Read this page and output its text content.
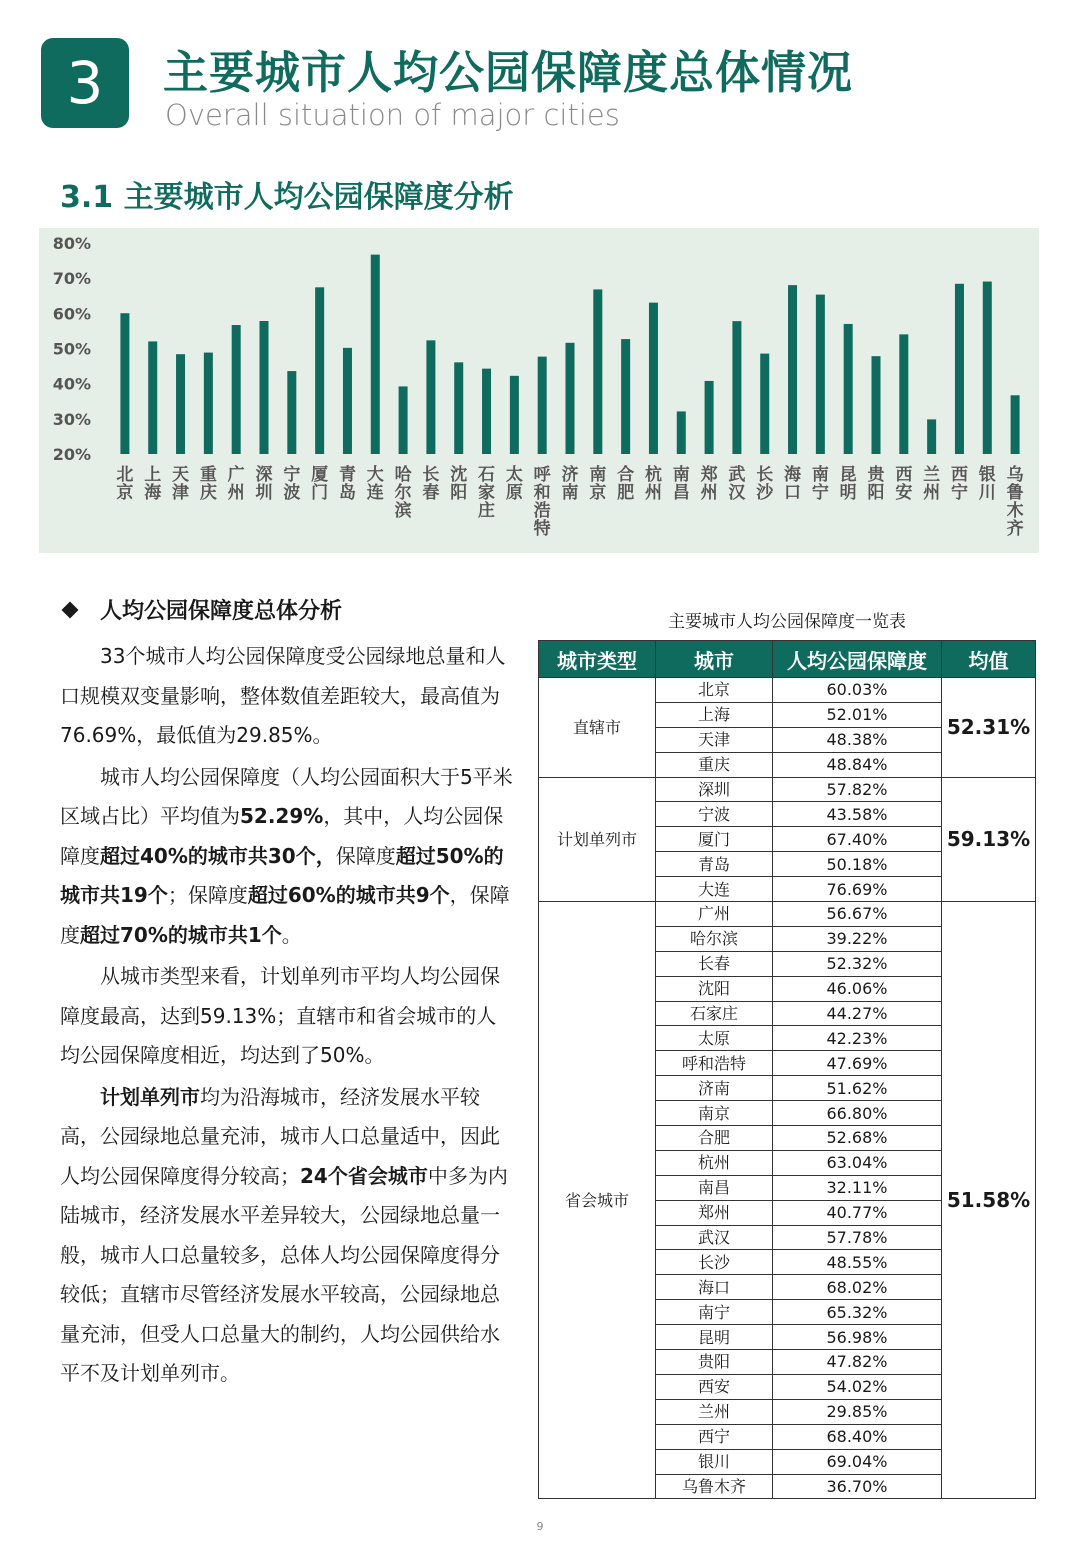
3 主要城市人均公园保障度总体情况
Overall situation of major cities
3.1 主要城市人均公园保障度分析
20%
30%
40%
50%
60%
70%
80%
北京
上海
天津
重庆
广州
深圳
宁波
厦门
青岛
大连
哈尔滨
长春
沈阳
石家庄
太原
呼和浩特
济南
南京
合肥
杭州
南昌
郑州
武汉
长沙
海口
南宁
昆明
贵阳
西安
兰州
西宁
银川
乌鲁木齐
人均公园保障度总体分析

33个城市人均公园保障度受公园绿地总量和人口规模双变量影响，整体数值差距较大，最高值为76.69%，最低值为29.85%。

城市人均公园保障度（人均公园面积大于5平米区域占比）平均值为52.29%，其中，人均公园保障度超过40%的城市共30个，保障度超过50%的城市共19个；保障度超过60%的城市共9个，保障度超过70%的城市共1个。

从城市类型来看，计划单列市平均人均公园保障度最高，达到59.13%；直辖市和省会城市的人均公园保障度相近，均达到了50%。

计划单列市均为沿海城市，经济发展水平较高，公园绿地总量充沛，城市人口总量适中，因此人均公园保障度得分较高；24个省会城市中多为内陆城市，经济发展水平差异较大，公园绿地总量一般，城市人口总量较多，总体人均公园保障度得分较低；直辖市尽管经济发展水平较高，公园绿地总量充沛，但受人口总量大的制约，人均公园供给水平不及计划单列市。

主要城市人均公园保障度一览表
城市类型	城市	人均公园保障度	均值
直辖市	北京	60.03%	52.31%
	上海	52.01%	
	天津	48.38%	
	重庆	48.84%	
计划单列市	深圳	57.82%	59.13%
	宁波	43.58%	
	厦门	67.40%	
	青岛	50.18%	
	大连	76.69%	
省会城市	广州	56.67%	51.58%
	哈尔滨	39.22%	
	长春	52.32%	
	沈阳	46.06%	
	石家庄	44.27%	
	太原	42.23%	
	呼和浩特	47.69%	
	济南	51.62%	
	南京	66.80%	
	合肥	52.68%	
	杭州	63.04%	
	南昌	32.11%	
	郑州	40.77%	
	武汉	57.78%	
	长沙	48.55%	
	海口	68.02%	
	南宁	65.32%	
	昆明	56.98%	
	贵阳	47.82%	
	西安	54.02%	
	兰州	29.85%	
	西宁	68.40%	
	银川	69.04%	
	乌鲁木齐	36.70%	
9
